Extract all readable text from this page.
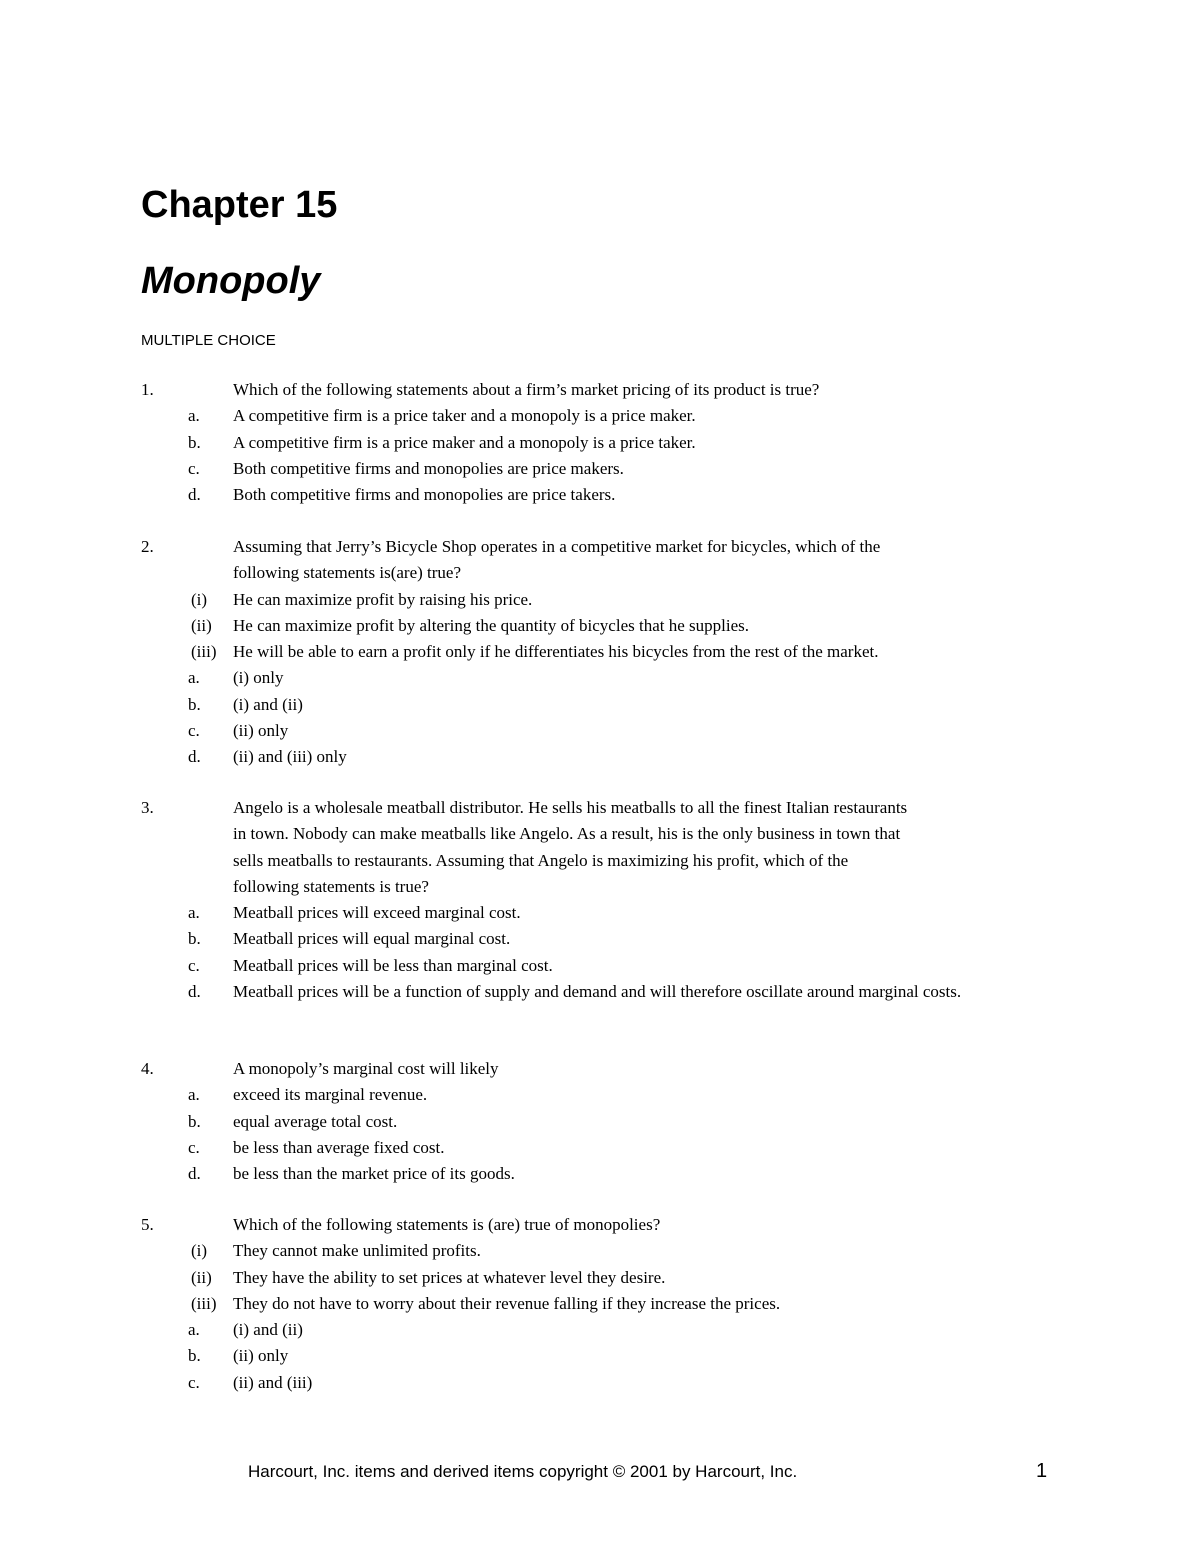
Chapter 15
Monopoly
MULTIPLE CHOICE
1.	Which of the following statements about a firm’s market pricing of its product is true?
a. A competitive firm is a price taker and a monopoly is a price maker.
b. A competitive firm is a price maker and a monopoly is a price taker.
c. Both competitive firms and monopolies are price makers.
d. Both competitive firms and monopolies are price takers.
2.	Assuming that Jerry’s Bicycle Shop operates in a competitive market for bicycles, which of the
following statements is(are) true?
(i) He can maximize profit by raising his price.
(ii) He can maximize profit by altering the quantity of bicycles that he supplies.
(iii) He will be able to earn a profit only if he differentiates his bicycles from the rest of the market.
a. (i) only
b. (i) and (ii)
c. (ii) only
d. (ii) and (iii) only
3.	Angelo is a wholesale meatball distributor. He sells his meatballs to all the finest Italian restaurants
in town. Nobody can make meatballs like Angelo. As a result, his is the only business in town that
sells meatballs to restaurants. Assuming that Angelo is maximizing his profit, which of the
following statements is true?
a. Meatball prices will exceed marginal cost.
b. Meatball prices will equal marginal cost.
c. Meatball prices will be less than marginal cost.
d. Meatball prices will be a function of supply and demand and will therefore oscillate around marginal costs.
4.	A monopoly’s marginal cost will likely
a. exceed its marginal revenue.
b. equal average total cost.
c. be less than average fixed cost.
d. be less than the market price of its goods.
5.	Which of the following statements is (are) true of monopolies?
(i) They cannot make unlimited profits.
(ii) They have the ability to set prices at whatever level they desire.
(iii) They do not have to worry about their revenue falling if they increase the prices.
a. (i) and (ii)
b. (ii) only
c. (ii) and (iii)
Harcourt, Inc. items and derived items copyright © 2001 by Harcourt, Inc.	1
